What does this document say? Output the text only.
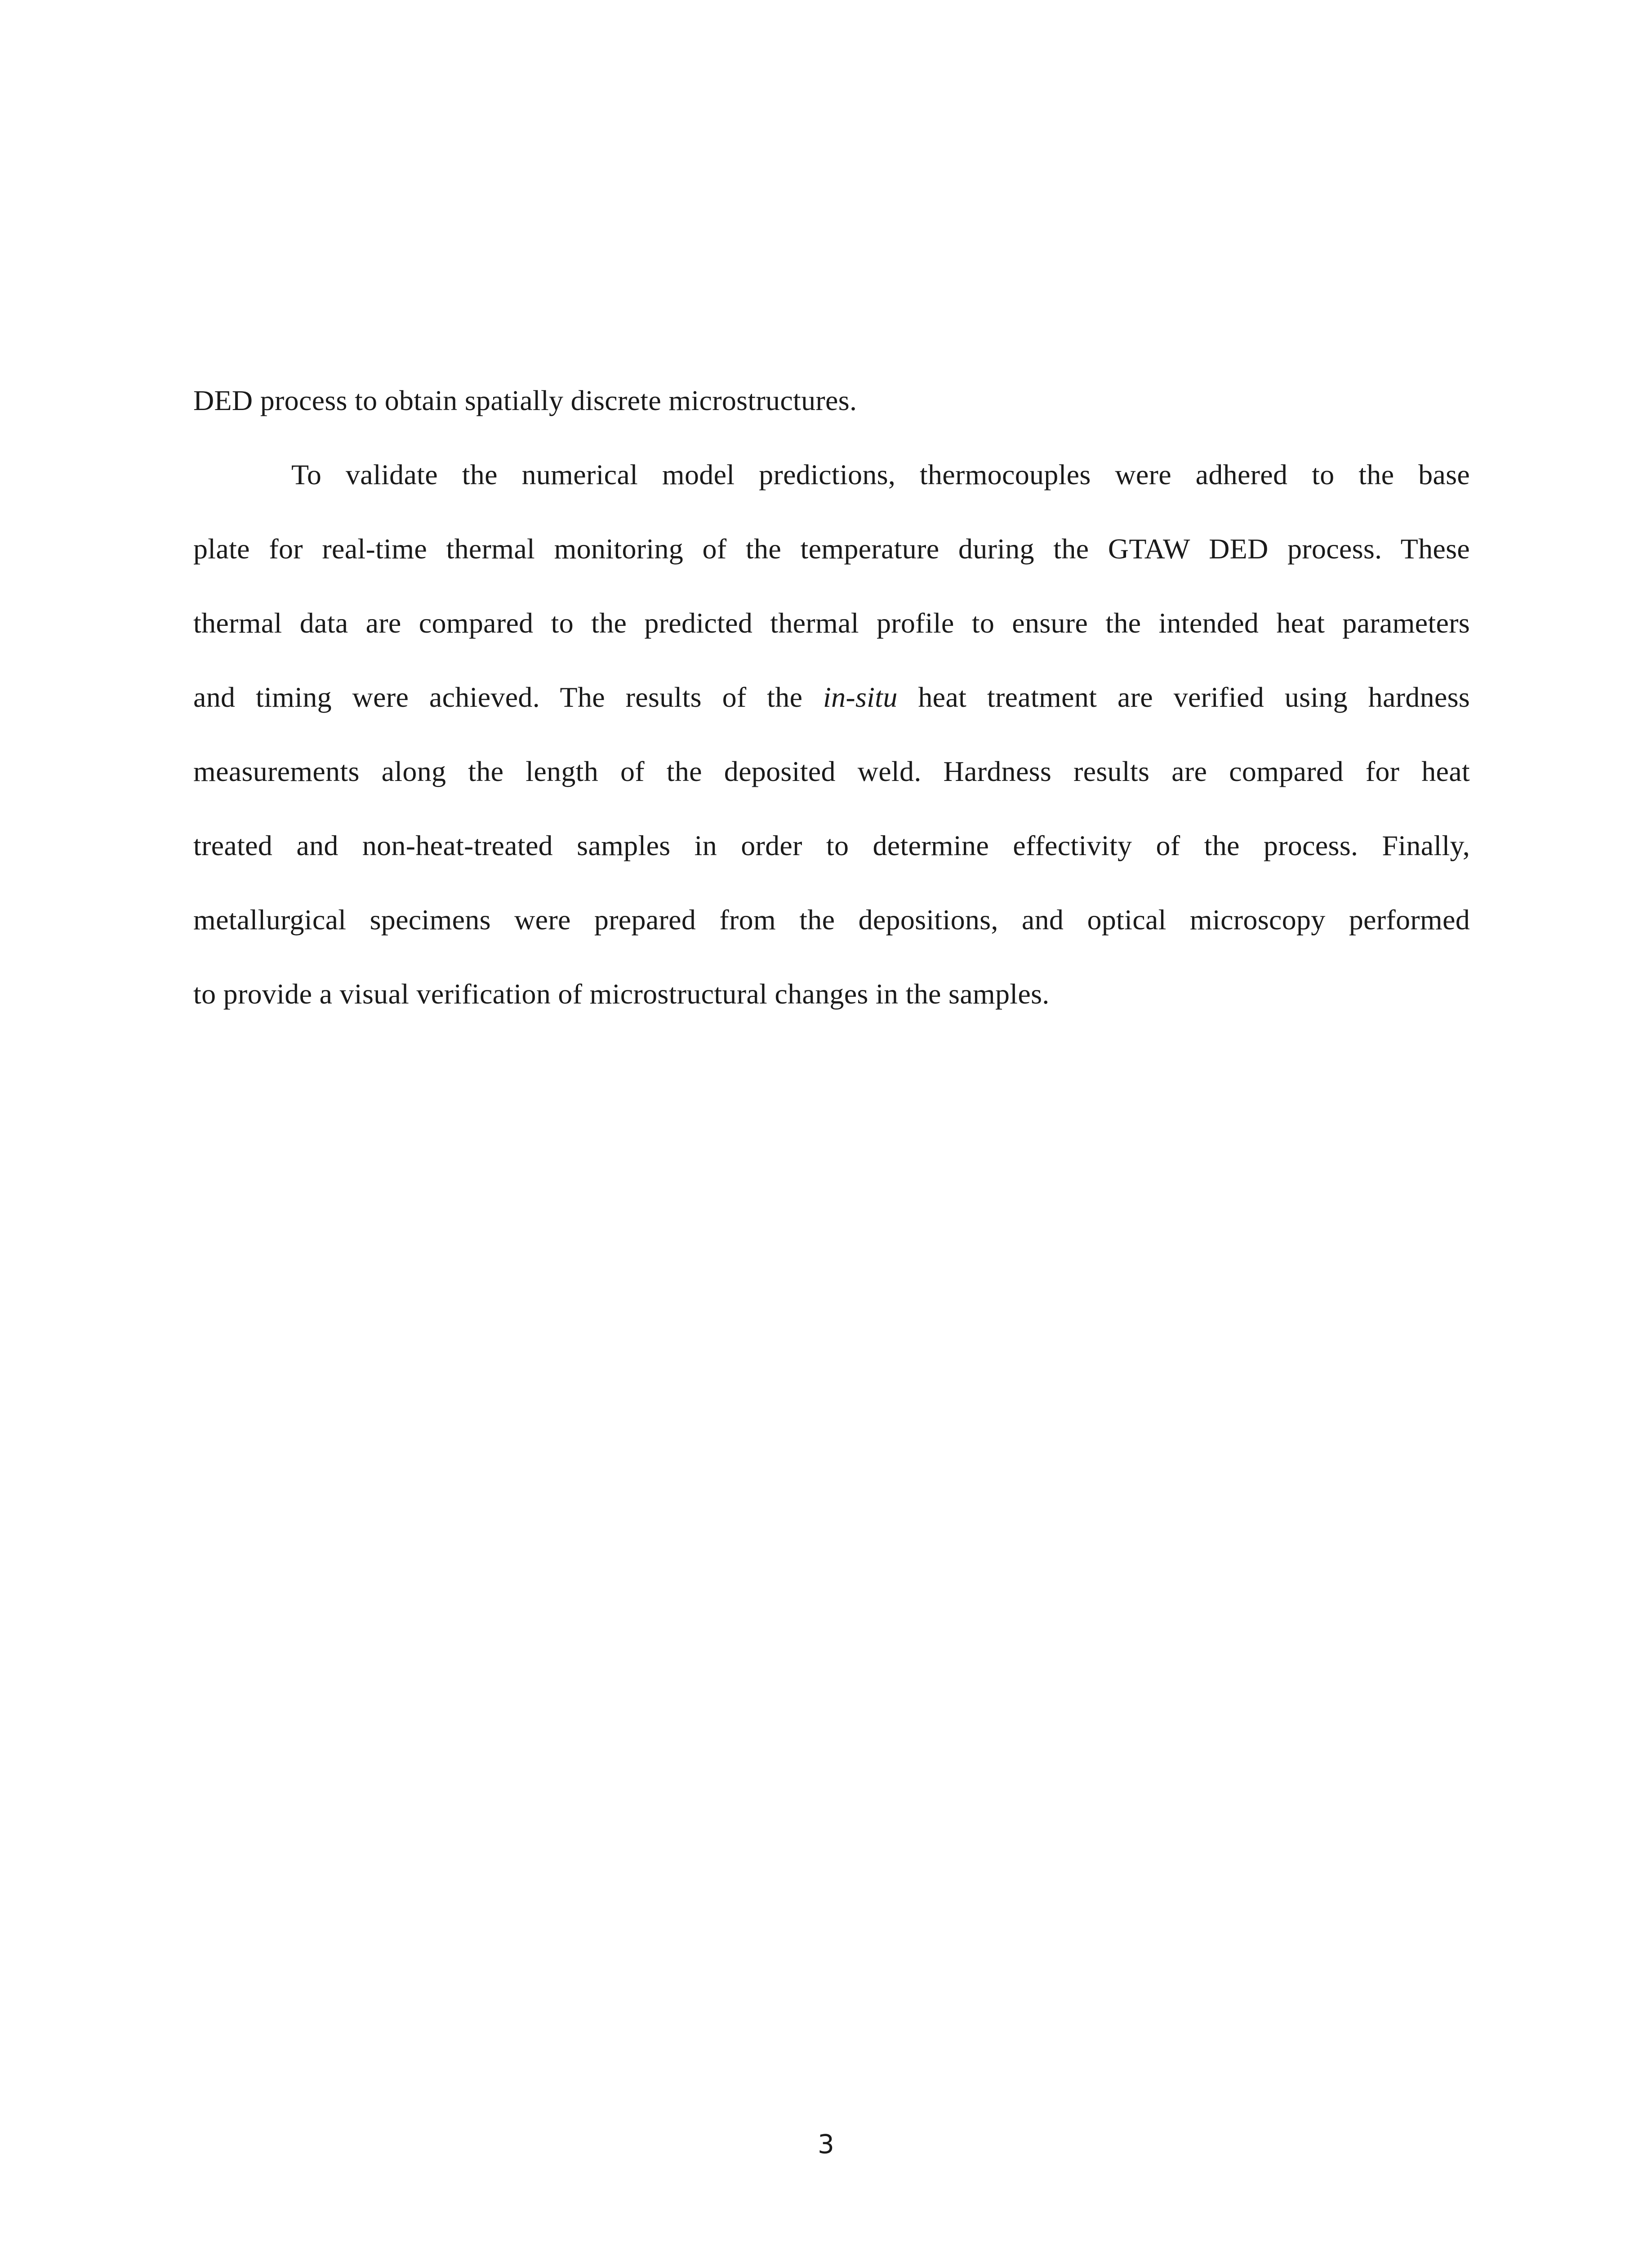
DED process to obtain spatially discrete microstructures.
To validate the numerical model predictions, thermocouples were adhered to the base
plate for real-time thermal monitoring of the temperature during the GTAW DED process. These
thermal data are compared to the predicted thermal profile to ensure the intended heat parameters
and timing were achieved. The results of the in-situ heat treatment are verified using hardness
measurements along the length of the deposited weld. Hardness results are compared for heat
treated and non-heat-treated samples in order to determine effectivity of the process. Finally,
metallurgical specimens were prepared from the depositions, and optical microscopy performed
to provide a visual verification of microstructural changes in the samples.
3
